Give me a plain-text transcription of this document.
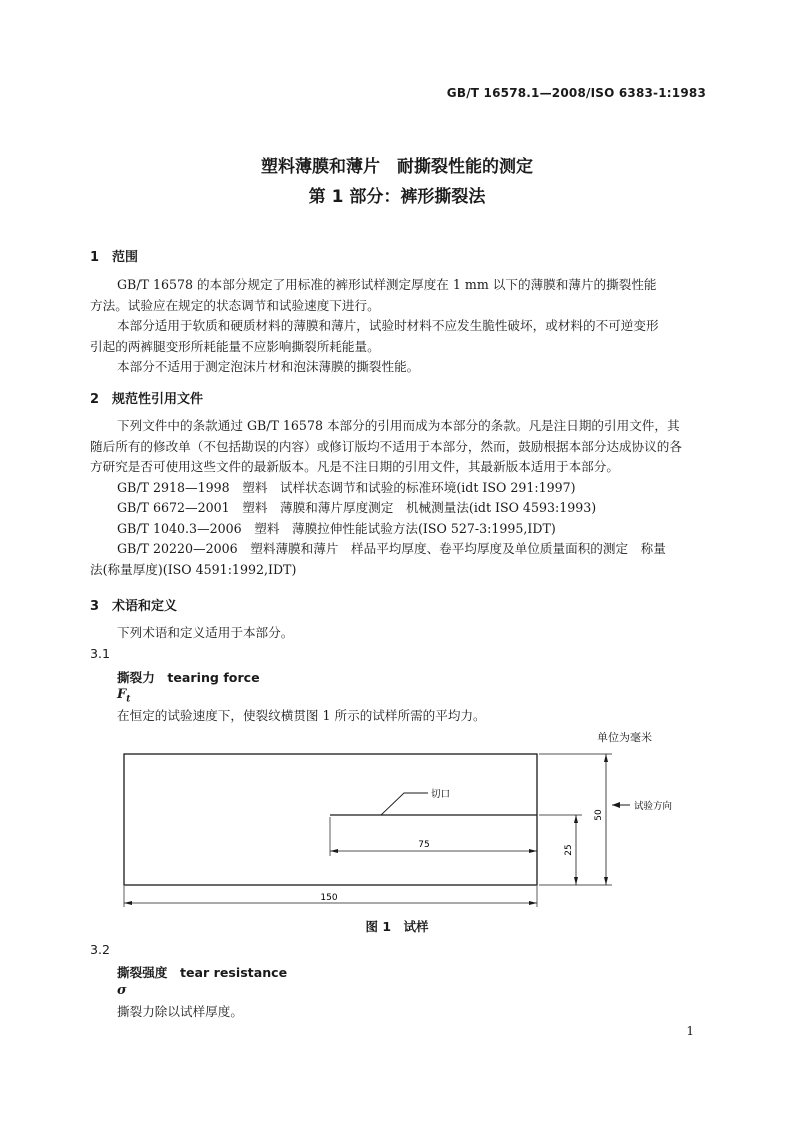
GB/T 16578.1—2008/ISO 6383-1:1983
塑料薄膜和薄片　耐撕裂性能的测定
第 1 部分：裤形撕裂法
1 范围
GB/T 16578 的本部分规定了用标准的裤形试样测定厚度在 1 mm 以下的薄膜和薄片的撕裂性能
方法。试验应在规定的状态调节和试验速度下进行。
本部分适用于软质和硬质材料的薄膜和薄片，试验时材料不应发生脆性破坏，或材料的不可逆变形
引起的两裤腿变形所耗能量不应影响撕裂所耗能量。
本部分不适用于测定泡沫片材和泡沫薄膜的撕裂性能。
2 规范性引用文件
下列文件中的条款通过 GB/T 16578 本部分的引用而成为本部分的条款。凡是注日期的引用文件，其
随后所有的修改单（不包括勘误的内容）或修订版均不适用于本部分，然而，鼓励根据本部分达成协议的各
方研究是否可使用这些文件的最新版本。凡是不注日期的引用文件，其最新版本适用于本部分。
GB/T 2918—1998　塑料　试样状态调节和试验的标准环境(idt ISO 291:1997)
GB/T 6672—2001　塑料　薄膜和薄片厚度测定　机械测量法(idt ISO 4593:1993)
GB/T 1040.3—2006　塑料　薄膜拉伸性能试验方法(ISO 527-3:1995,IDT)
GB/T 20220—2006　塑料薄膜和薄片　样品平均厚度、卷平均厚度及单位质量面积的测定　称量
法(称量厚度)(ISO 4591:1992,IDT)
3 术语和定义
下列术语和定义适用于本部分。
3.1
撕裂力　tearing force
$F_t$
在恒定的试验速度下，使裂纹横贯图 1 所示的试样所需的平均力。
单位为毫米
切口
75
150
25
50
试验方向
图 1　试样
3.2
撕裂强度　tear resistance
σ
撕裂力除以试样厚度。
1
